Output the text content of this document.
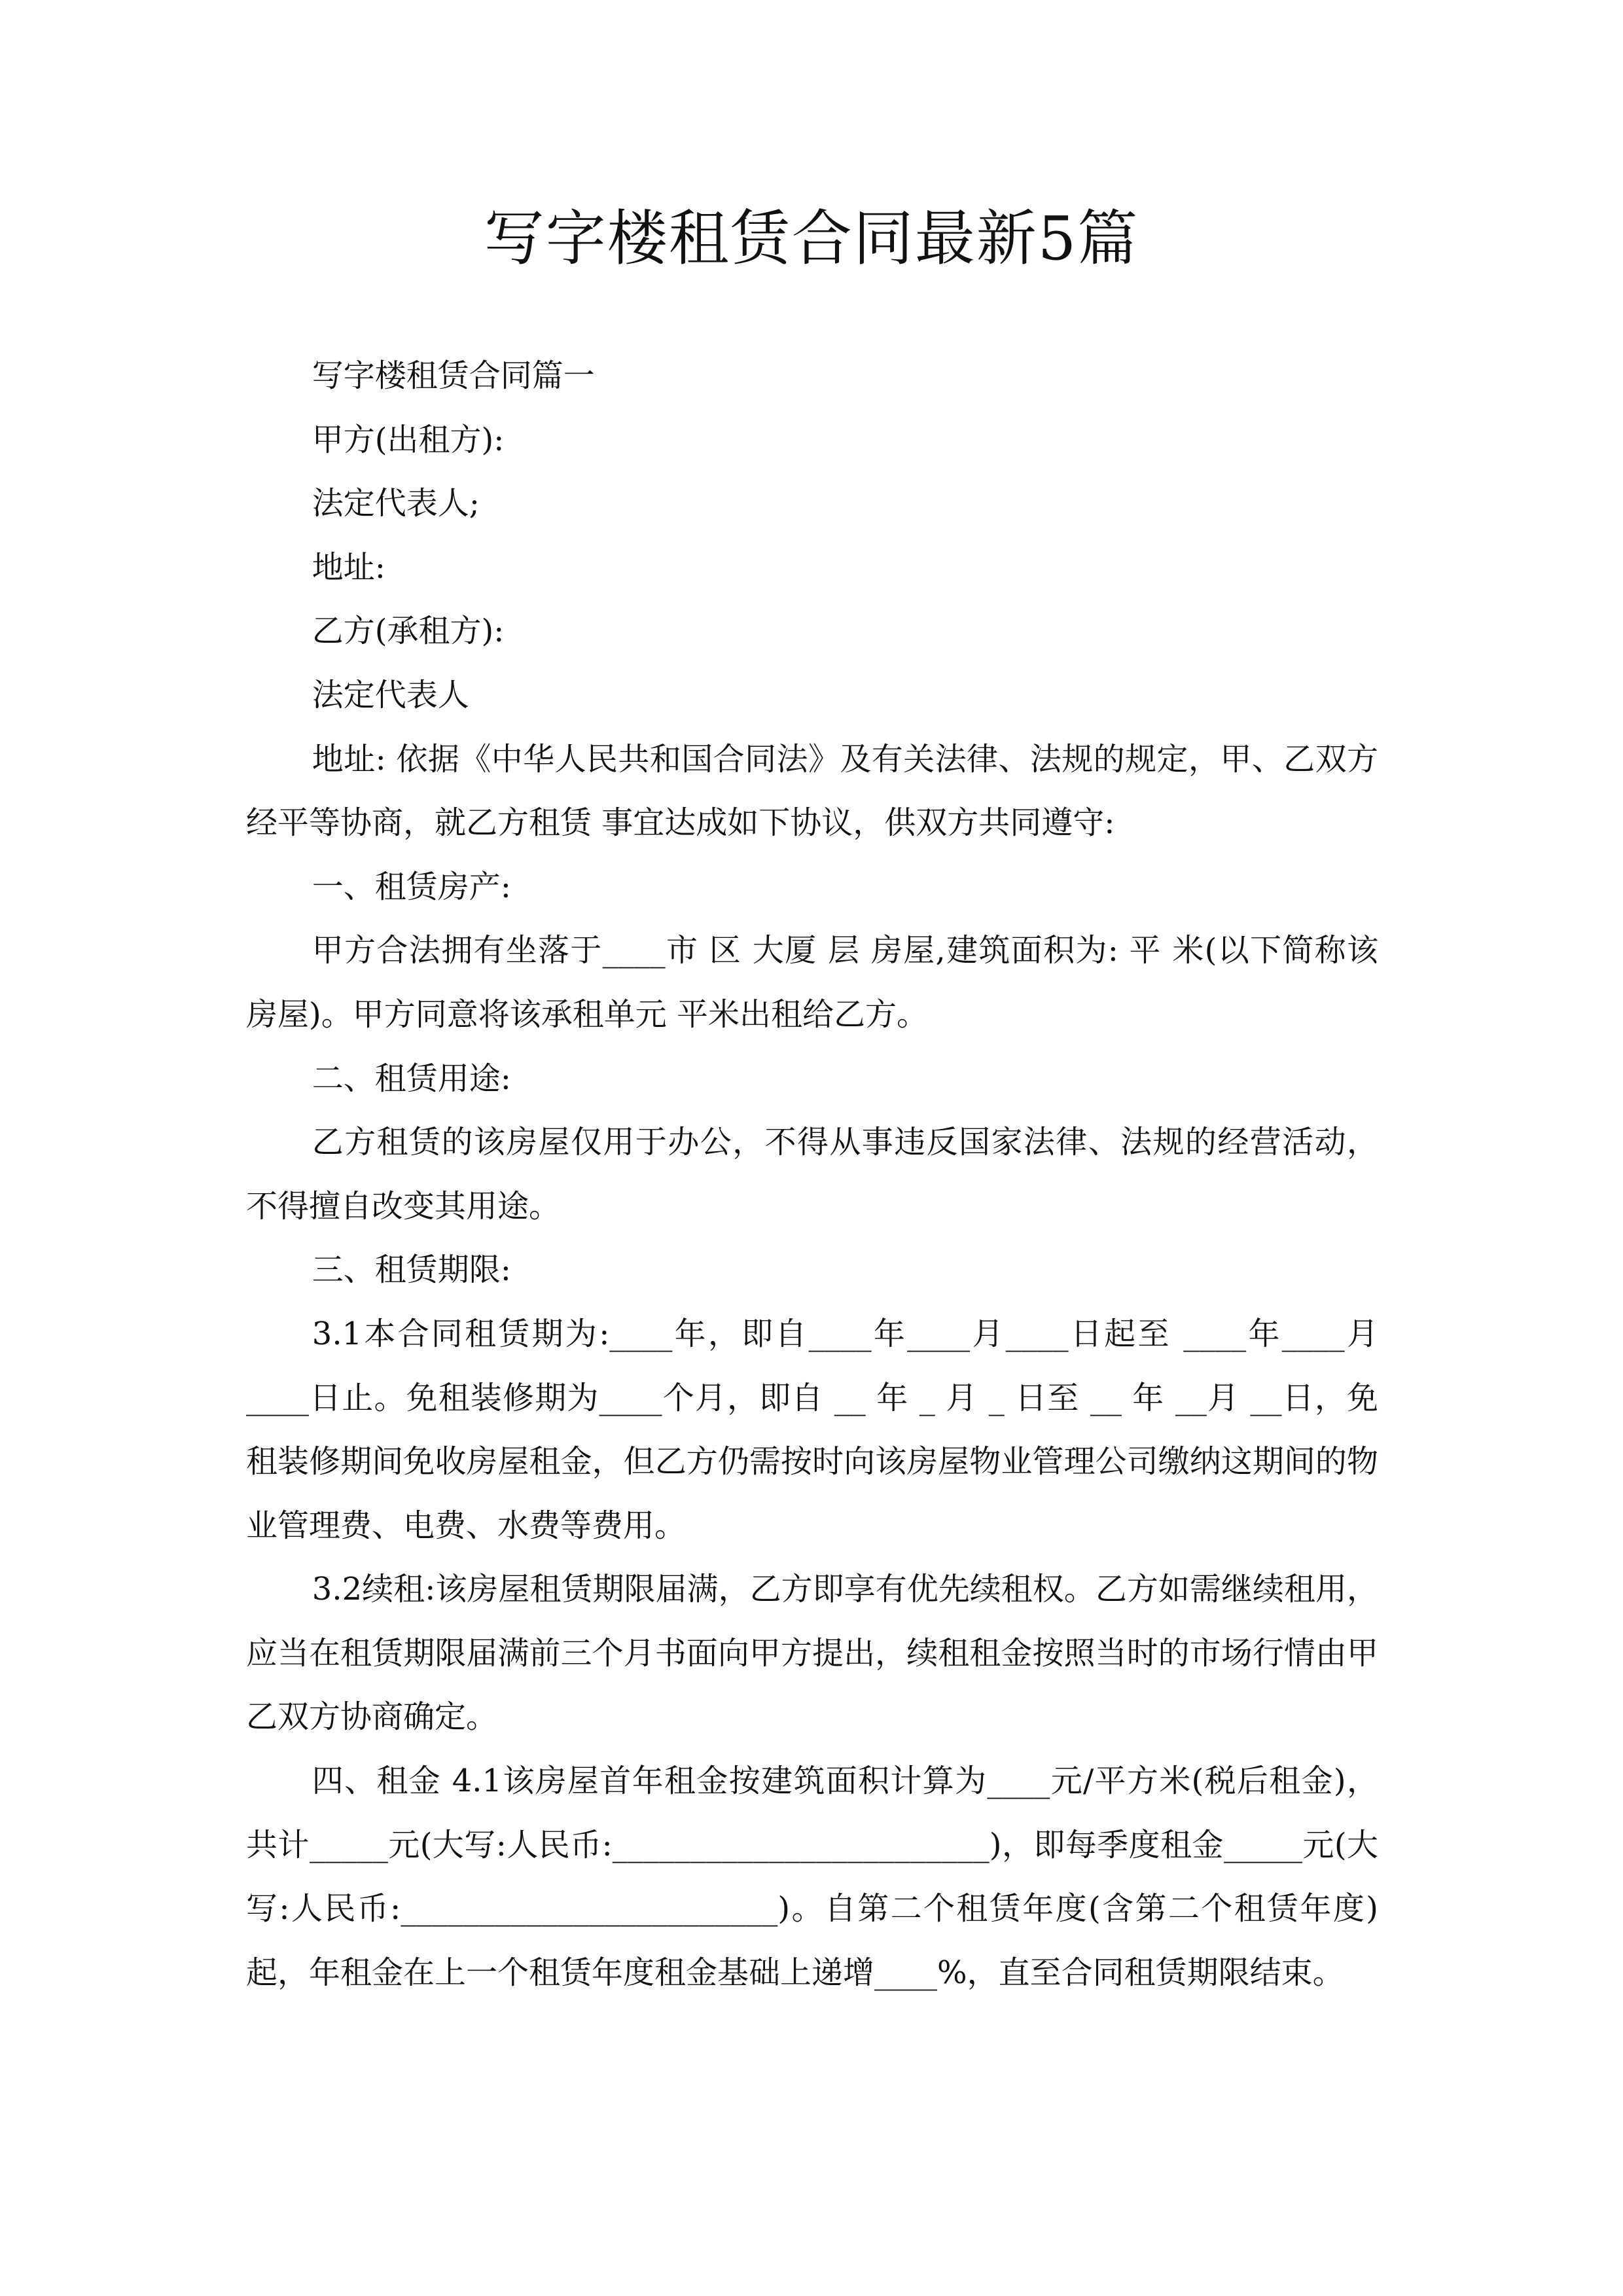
写字楼租赁合同最新5篇

写字楼租赁合同篇一

甲方(出租方):

法定代表人;

地址:

乙方(承租方):

法定代表人

地址: 依据《中华人民共和国合同法》及有关法律、法规的规定，甲、乙双方经平等协商，就乙方租赁 事宜达成如下协议，供双方共同遵守:

一、租赁房产:

甲方合法拥有坐落于____市 区 大厦 层 房屋,建筑面积为: 平 米(以下简称该房屋)。甲方同意将该承租单元 平米出租给乙方。

二、租赁用途:

乙方租赁的该房屋仅用于办公，不得从事违反国家法律、法规的经营活动，不得擅自改变其用途。

三、租赁期限:

3.1本合同租赁期为:____年，即自____年____月____日起至 ____年____月____日止。免租装修期为____个月，即自 __ 年 _ 月 _ 日至 __ 年 __月 __日，免租装修期间免收房屋租金，但乙方仍需按时向该房屋物业管理公司缴纳这期间的物业管理费、电费、水费等费用。

3.2续租:该房屋租赁期限届满，乙方即享有优先续租权。乙方如需继续租用，应当在租赁期限届满前三个月书面向甲方提出，续租租金按照当时的市场行情由甲乙双方协商确定。

四、租金 4.1该房屋首年租金按建筑面积计算为____元/平方米(税后租金)，共计_____元(大写:人民币:________________________)，即每季度租金_____元(大写:人民币:________________________)。自第二个租赁年度(含第二个租赁年度)起，年租金在上一个租赁年度租金基础上递增____%，直至合同租赁期限结束。
